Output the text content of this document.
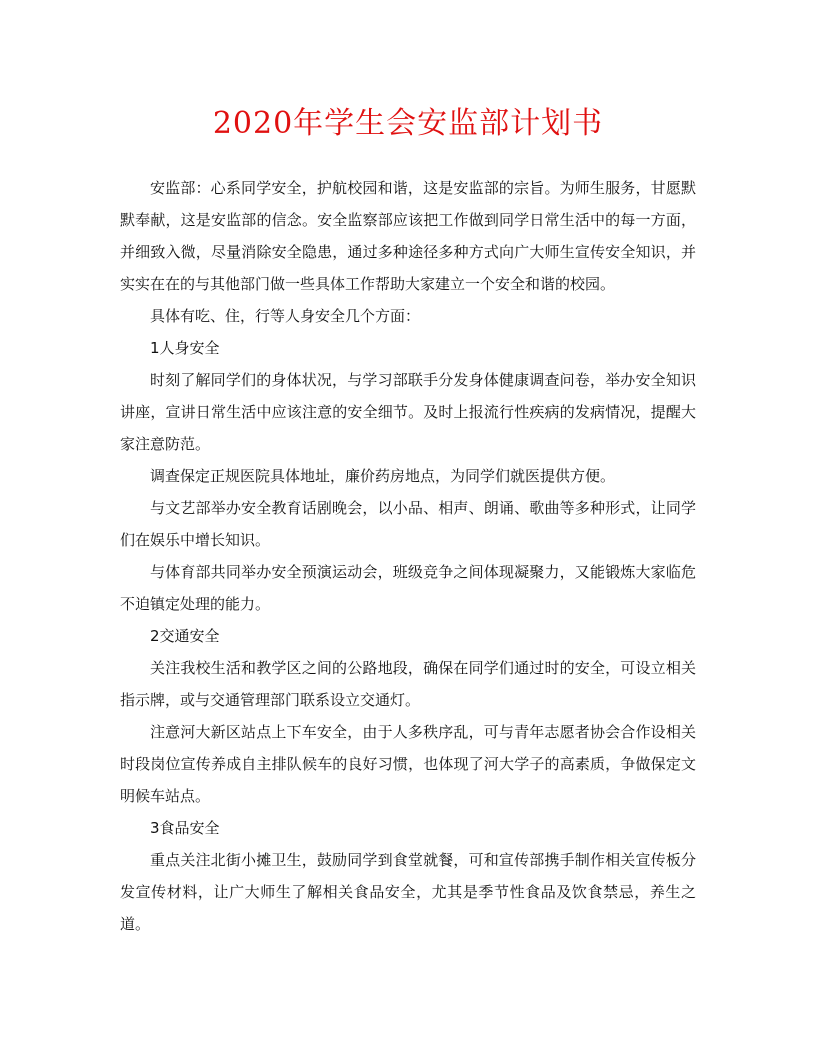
2020年学生会安监部计划书

安监部：心系同学安全，护航校园和谐，这是安监部的宗旨。为师生服务，甘愿默默奉献，这是安监部的信念。安全监察部应该把工作做到同学日常生活中的每一方面，并细致入微，尽量消除安全隐患，通过多种途径多种方式向广大师生宣传安全知识，并实实在在的与其他部门做一些具体工作帮助大家建立一个安全和谐的校园。

具体有吃、住，行等人身安全几个方面：

1人身安全

时刻了解同学们的身体状况，与学习部联手分发身体健康调查问卷，举办安全知识讲座，宣讲日常生活中应该注意的安全细节。及时上报流行性疾病的发病情况，提醒大家注意防范。

调查保定正规医院具体地址，廉价药房地点，为同学们就医提供方便。

与文艺部举办安全教育话剧晚会，以小品、相声、朗诵、歌曲等多种形式，让同学们在娱乐中增长知识。

与体育部共同举办安全预演运动会，班级竞争之间体现凝聚力，又能锻炼大家临危不迫镇定处理的能力。

2交通安全

关注我校生活和教学区之间的公路地段，确保在同学们通过时的安全，可设立相关指示牌，或与交通管理部门联系设立交通灯。

注意河大新区站点上下车安全，由于人多秩序乱，可与青年志愿者协会合作设相关时段岗位宣传养成自主排队候车的良好习惯，也体现了河大学子的高素质，争做保定文明候车站点。

3食品安全

重点关注北街小摊卫生，鼓励同学到食堂就餐，可和宣传部携手制作相关宣传板分发宣传材料，让广大师生了解相关食品安全，尤其是季节性食品及饮食禁忌，养生之道。
